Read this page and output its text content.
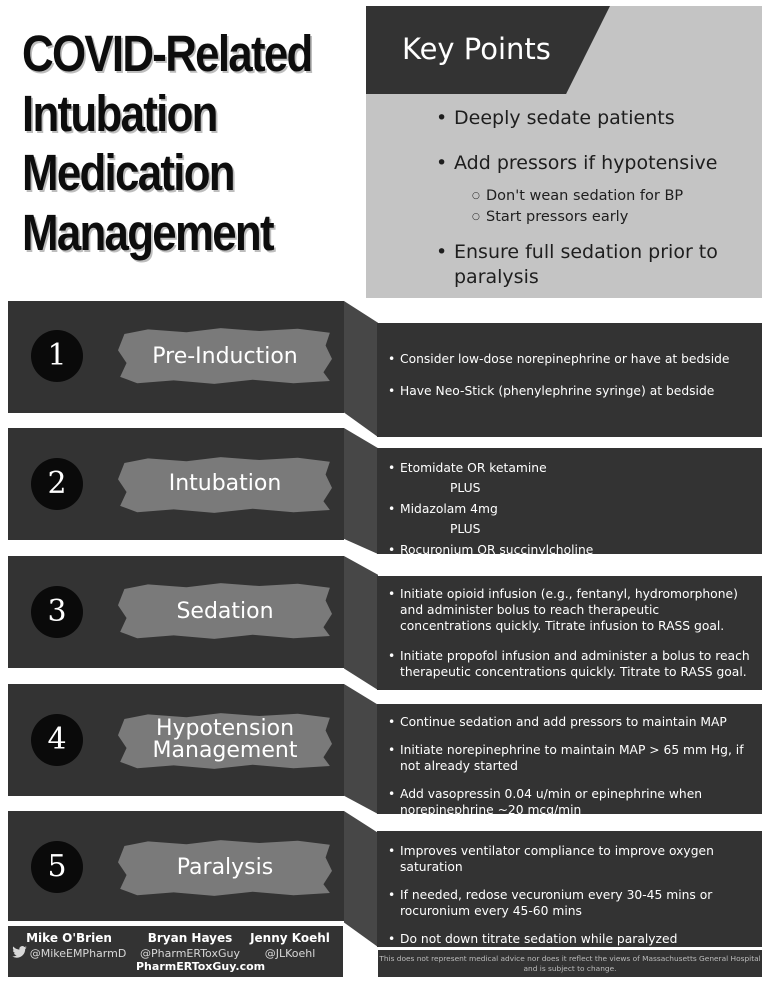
COVID-Related
Intubation
Medication
Management
Key Points
• Deeply sedate patients
• Add pressors if hypotensive
○ Don't wean sedation for BP
○ Start pressors early
• Ensure full sedation prior to paralysis
1	Pre-Induction
•	Consider low-dose norepinephrine or have at bedside
• Have Neo-Stick (phenylephrine syringe) at bedside
2	Intubation
• Etomidate OR ketamine
PLUS
• Midazolam 4mg
PLUS
• Rocuronium OR succinylcholine
3	Sedation
• Initiate opioid infusion (e.g., fentanyl, hydromorphone) and administer bolus to reach therapeutic concentrations quickly. Titrate infusion to RASS goal.
• Initiate propofol infusion and administer a bolus to reach therapeutic concentrations quickly. Titrate to RASS goal.
4	Hypotension
Management
• Continue sedation and add pressors to maintain MAP
• Initiate norepinephrine to maintain MAP > 65 mm Hg, if not already started
• Add vasopressin 0.04 u/min or epinephrine when norepinephrine ~20 mcg/min
5	Paralysis
• Improves ventilator compliance to improve oxygen saturation
• If needed, redose vecuronium every 30-45 mins or rocuronium every 45-60 mins
• Do not down titrate sedation while paralyzed
Mike O'Brien
@MikeEMPharmD
Bryan Hayes
@PharmERToxGuy
Jenny Koehl
@JLKoehl
PharmERToxGuy.com
This does not represent medical advice nor does it reflect the views of Massachusetts General Hospital and is subject to change.
